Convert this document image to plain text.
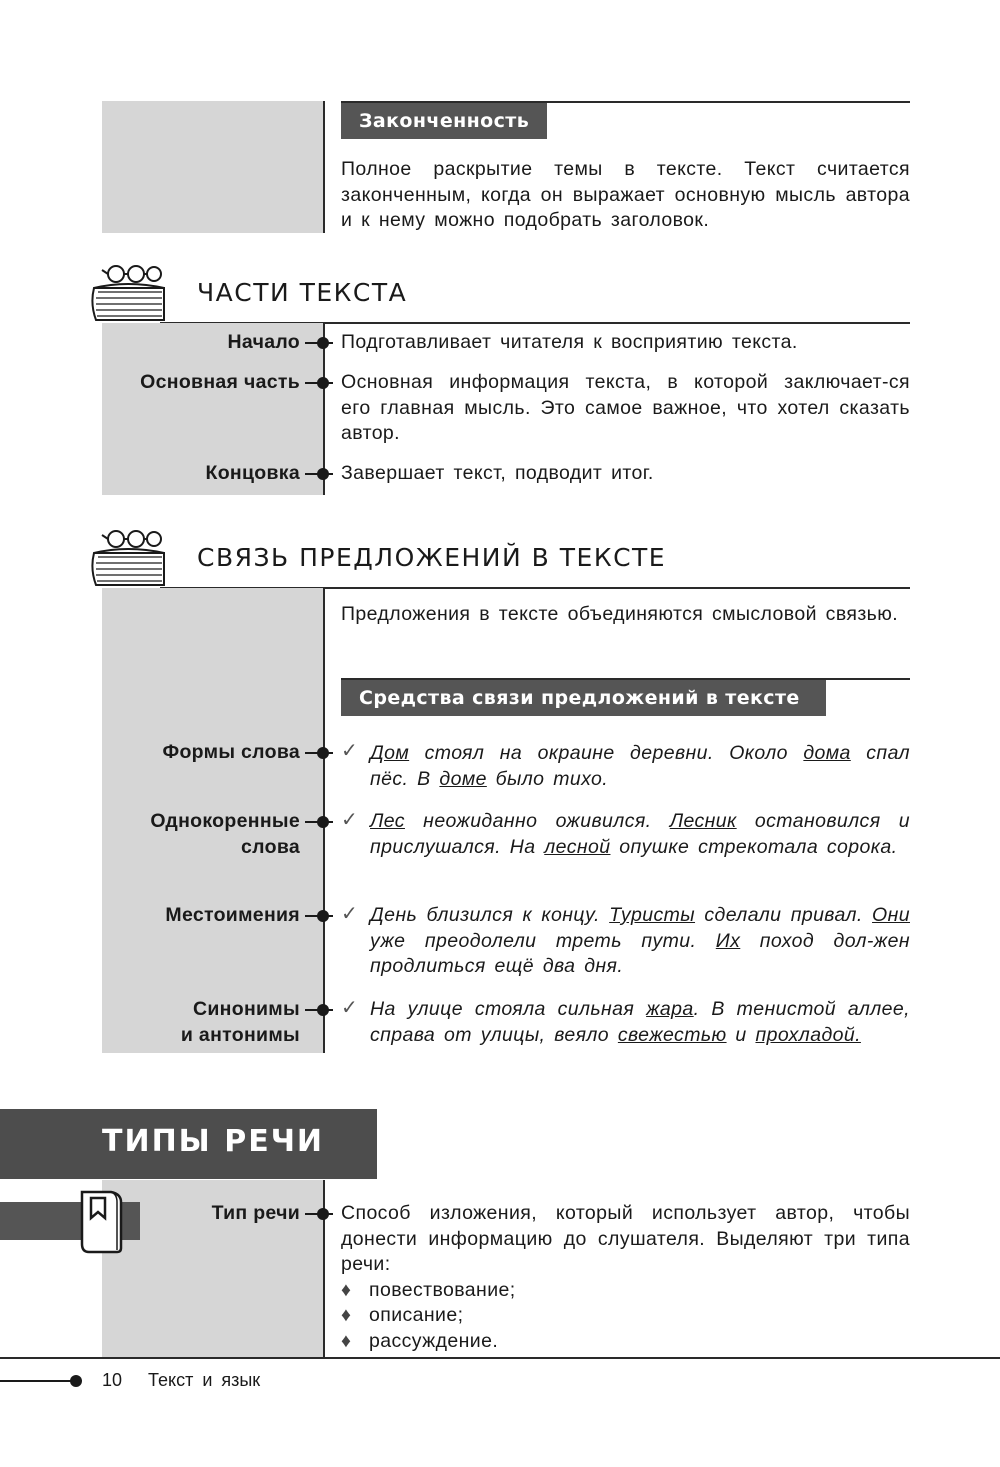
Законченность
Полное раскрытие темы в тексте. Текст считается законченным, когда он выражает основную мысль автора и к нему можно подобрать заголовок.
ЧАСТИ ТЕКСТА
Начало Подготавливает читателя к восприятию текста.
Основная часть Основная информация текста, в которой заключает-ся его главная мысль. Это самое важное, что хотел сказать автор.
Концовка Завершает текст, подводит итог.
СВЯЗЬ ПРЕДЛОЖЕНИЙ В ТЕКСТЕ
Предложения в тексте объединяются смысловой связью.
Средства связи предложений в тексте
Формы слова ✓ Дом стоял на окраине деревни. Около дома спал пёс. В доме было тихо.

Однокоренные
слова
✓ Лес неожиданно оживился. Лесник остановился и прислушался. На лесной опушке стрекотала сорока.

Местоимения ✓ День близился к концу. Туристы сделали привал. Они уже преодолели треть пути. Их поход дол-жен продлиться ещё два дня.

Синонимы
и антонимы
✓ На улице стояла сильная жара. В тенистой аллее, справа от улицы, веяло свежестью и прохладой.

ТИПЫ РЕЧИ
Тип речи Способ изложения, который использует автор, чтобы донести информацию до слушателя. Выделяют три типа речи:

♦ повествование;

♦ описание;

♦ рассуждение.

10 Текст и язык
